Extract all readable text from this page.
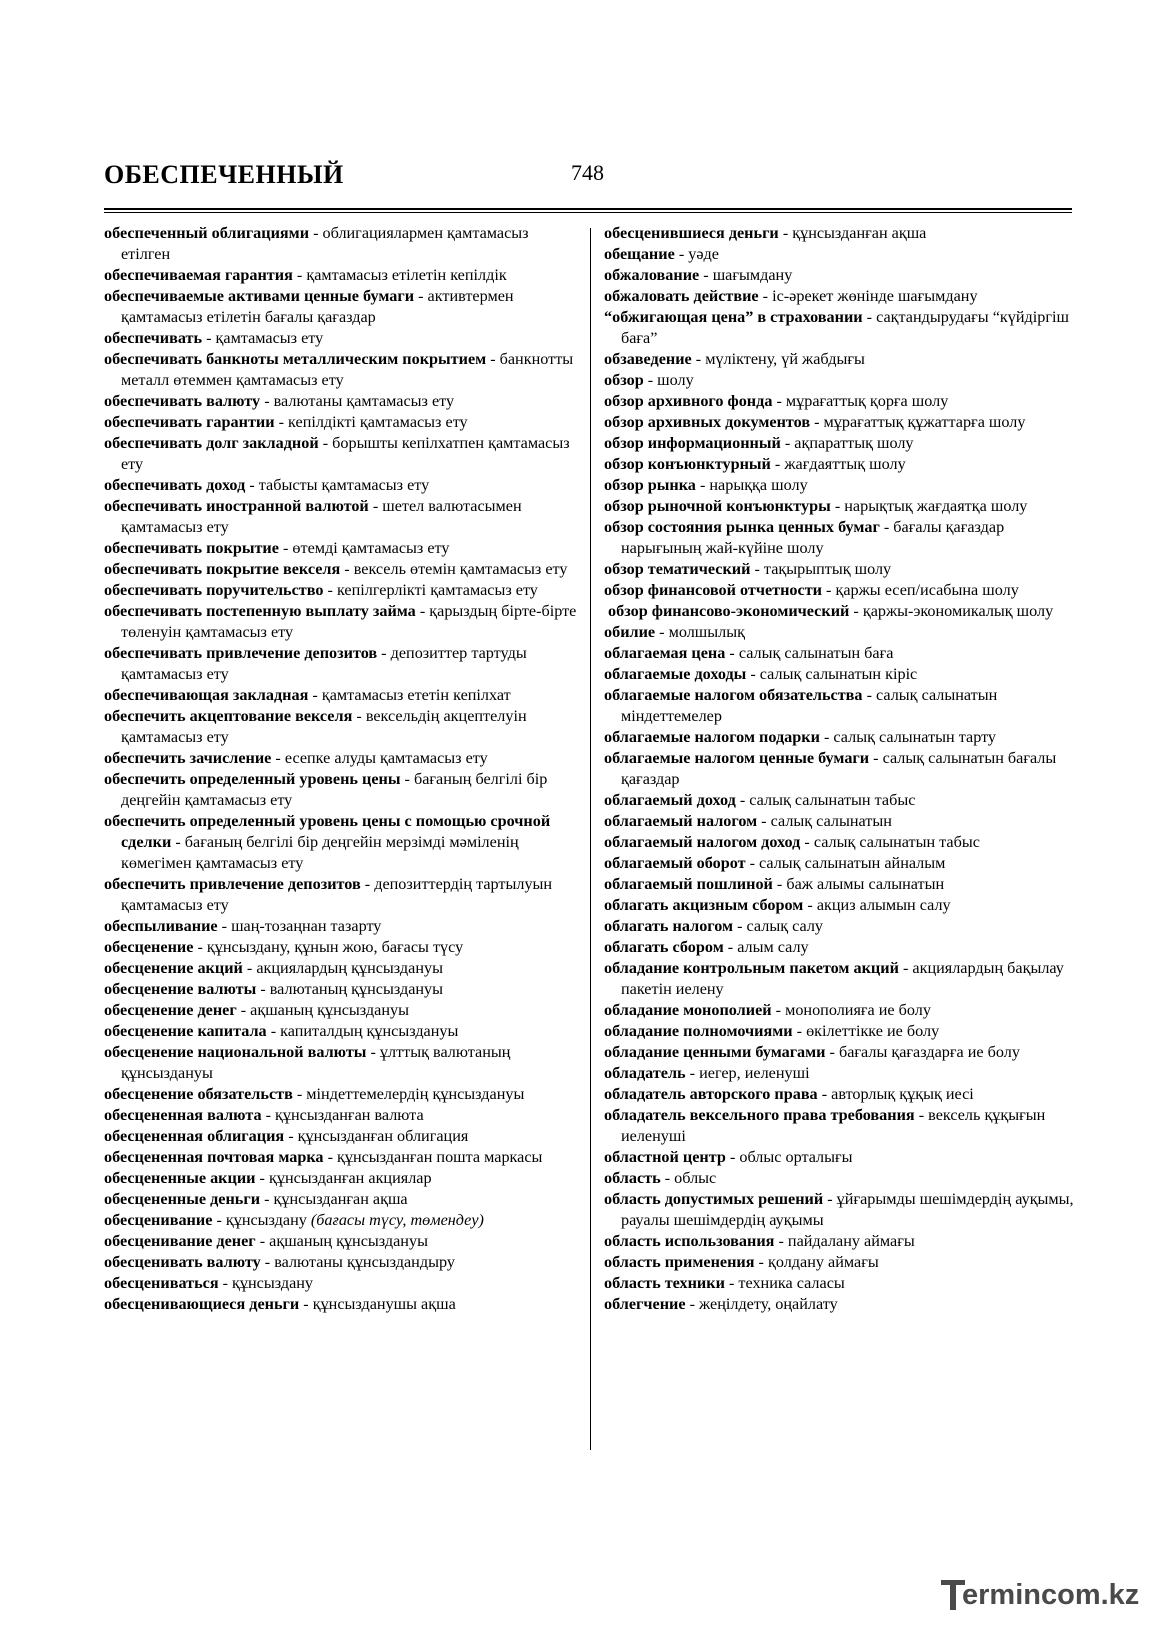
ОБЕСПЕЧЕННЫЙ	748

обеспеченный облигациями - облигациялармен қамтамасыз етілген

обеспечиваемая гарантия - қамтамасыз етілетін кепілдік

обеспечиваемые активами ценные бумаги - активтермен қамтамасыз етілетін бағалы қағаздар

обеспечивать - қамтамасыз ету

обеспечивать банкноты металлическим покрытием - банкнотты металл өтеммен қамтамасыз ету

обеспечивать валюту - валютаны қамтамасыз ету

обеспечивать гарантии - кепілдікті қамтамасыз ету

обеспечивать долг закладной - борышты кепілхатпен қамтамасыз ету

обеспечивать доход - табысты қамтамасыз ету

обеспечивать иностранной валютой - шетел валютасымен қамтамасыз ету

обеспечивать покрытие - өтемді қамтамасыз ету

обеспечивать покрытие векселя - вексель өтемін қамтамасыз ету

обеспечивать поручительство - кепілгерлікті қамтамасыз ету

обеспечивать постепенную выплату займа - қарыздың бірте-бірте төленуін қамтамасыз ету

обеспечивать привлечение депозитов - депозиттер тартуды қамтамасыз ету

обеспечивающая закладная - қамтамасыз ететін кепілхат

обеспечить акцептование векселя - вексельдің акцептелуін қамтамасыз ету

обеспечить зачисление - есепке алуды қамтамасыз ету

обеспечить определенный уровень цены - бағаның белгілі бір деңгейін қамтамасыз ету

обеспечить определенный уровень цены с помощью срочной сделки - бағаның белгілі бір деңгейін мерзімді мәміленің көмегімен қамтамасыз ету

обеспечить привлечение депозитов - депозиттердің тартылуын қамтамасыз ету

обеспыливание - шаң-тозаңнан тазарту

обесценение - құнсыздану, құнын жою, бағасы түсу

обесценение акций - акциялардың құнсыздануы

обесценение валюты - валютаның құнсыздануы

обесценение денег - ақшаның құнсыздануы

обесценение капитала - капиталдың құнсыздануы

обесценение национальной валюты - ұлттық валютаның құнсыздануы

обесценение обязательств - міндеттемелердің құнсыздануы

обесцененная валюта - құнсызданған валюта

обесцененная облигация - құнсызданған облигация

обесцененная почтовая марка - құнсызданған пошта маркасы

обесцененные акции - құнсызданған акциялар

обесцененные деньги - құнсызданған ақша

обесценивание - құнсыздану (бағасы түсу, төмендеу)

обесценивание денег - ақшаның құнсыздануы

обесценивать валюту - валютаны құнсыздандыру

обесцениваться - құнсыздану

обесценивающиеся деньги - құнсызданушы ақша

обесценившиеся деньги - құнсызданған ақша

обещание - уәде

обжалование - шағымдану

обжаловать действие - іс-әрекет жөнінде шағымдану

“обжигающая цена” в страховании - сақтандырудағы “күйдіргіш баға”

обзаведение - мүліктену, үй жабдығы

обзор - шолу

обзор архивного фонда - мұрағаттық қорға шолу

обзор архивных документов - мұрағаттық құжаттарға шолу

обзор информационный - ақпараттық шолу

обзор конъюнктурный - жағдаяттық шолу

обзор рынка - нарыққа шолу

обзор рыночной конъюнктуры - нарықтық жағдаятқа шолу

обзор состояния рынка ценных бумаг - бағалы қағаздар нарығының жай-күйіне шолу

обзор тематический - тақырыптық шолу

обзор финансовой отчетности - қаржы есеп/исабына шолу

обзор финансово-экономический - қаржы-экономикалық шолу

обилие - молшылық

облагаемая цена - салық салынатын баға

облагаемые доходы - салық салынатын кіріс

облагаемые налогом обязательства - салық салынатын міндеттемелер

облагаемые налогом подарки - салық салынатын тарту

облагаемые налогом ценные бумаги - салық салынатын бағалы қағаздар

облагаемый доход - салық салынатын табыс

облагаемый налогом - салық салынатын

облагаемый налогом доход - салық салынатын табыс

облагаемый оборот - салық салынатын айналым

облагаемый пошлиной - баж алымы салынатын

облагать акцизным сбором - акциз алымын салу

облагать налогом - салық салу

облагать сбором - алым салу

обладание контрольным пакетом акций - акциялардың бақылау пакетін иелену

обладание монополией - монополияға ие болу

обладание полномочиями - өкілеттікке ие болу

обладание ценными бумагами - бағалы қағаздарға ие болу

обладатель - иегер, иеленуші

обладатель авторского права - авторлық құқық иесі

обладатель вексельного права требования - вексель құқығын иеленуші

областной центр - облыс орталығы

область - облыс

область допустимых решений - ұйғарымды шешімдердің ауқымы, рауалы шешімдердің ауқымы

область использования - пайдалану аймағы

область применения - қолдану аймағы

область техники - техника саласы

облегчение - жеңілдету, оңайлату

ermincom.kz
